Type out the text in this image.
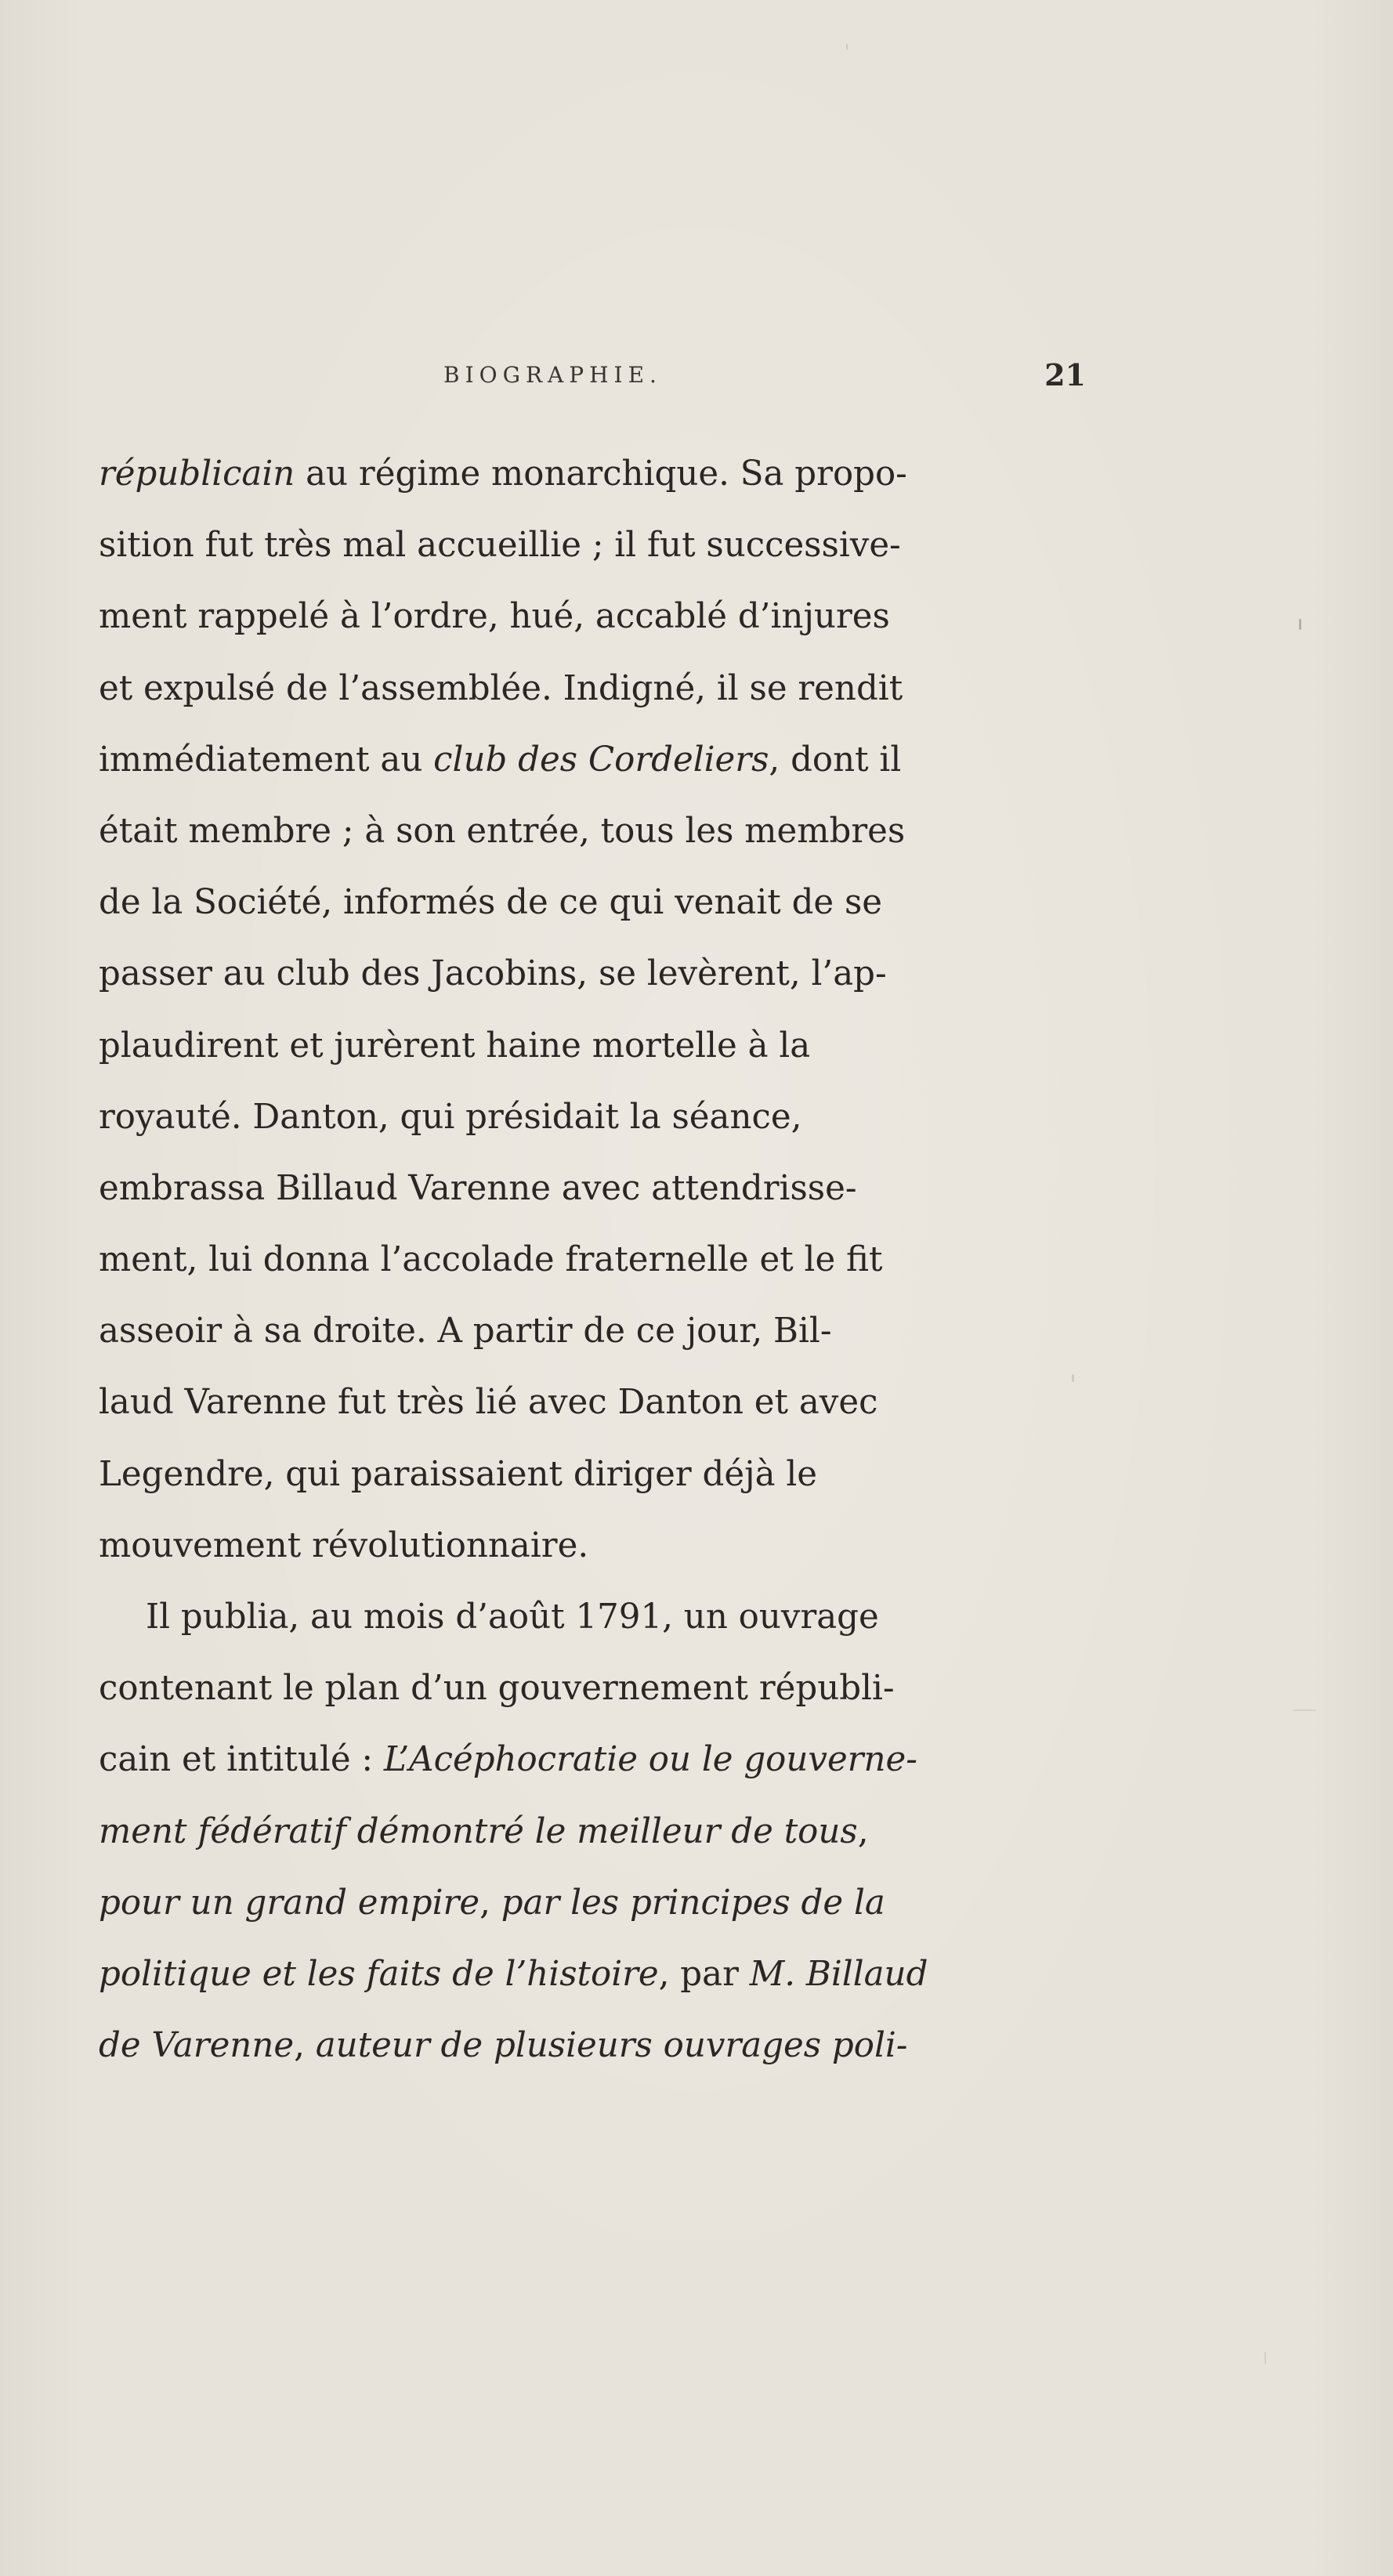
BIOGRAPHIE.	21
républicain au régime monarchique. Sa propo-
sition fut très mal accueillie ; il fut successive-
ment rappelé à l’ordre, hué, accablé d’injures
et expulsé de l’assemblée. Indigné, il se rendit
immédiatement au club des Cordeliers, dont il
était membre ; à son entrée, tous les membres
de la Société, informés de ce qui venait de se
passer au club des Jacobins, se levèrent, l’ap-
plaudirent et jurèrent haine mortelle à la
royauté. Danton, qui présidait la séance,
embrassa Billaud Varenne avec attendrisse-
ment, lui donna l’accolade fraternelle et le fit
asseoir à sa droite. A partir de ce jour, Bil-
laud Varenne fut très lié avec Danton et avec
Legendre, qui paraissaient diriger déjà le
mouvement révolutionnaire.
Il publia, au mois d’août 1791, un ouvrage
contenant le plan d’un gouvernement républi-
cain et intitulé : L’Acéphocratie ou le gouverne-
ment fédératif démontré le meilleur de tous,
pour un grand empire, par les principes de la
politique et les faits de l’histoire, par M. Billaud
de Varenne, auteur de plusieurs ouvrages poli-
